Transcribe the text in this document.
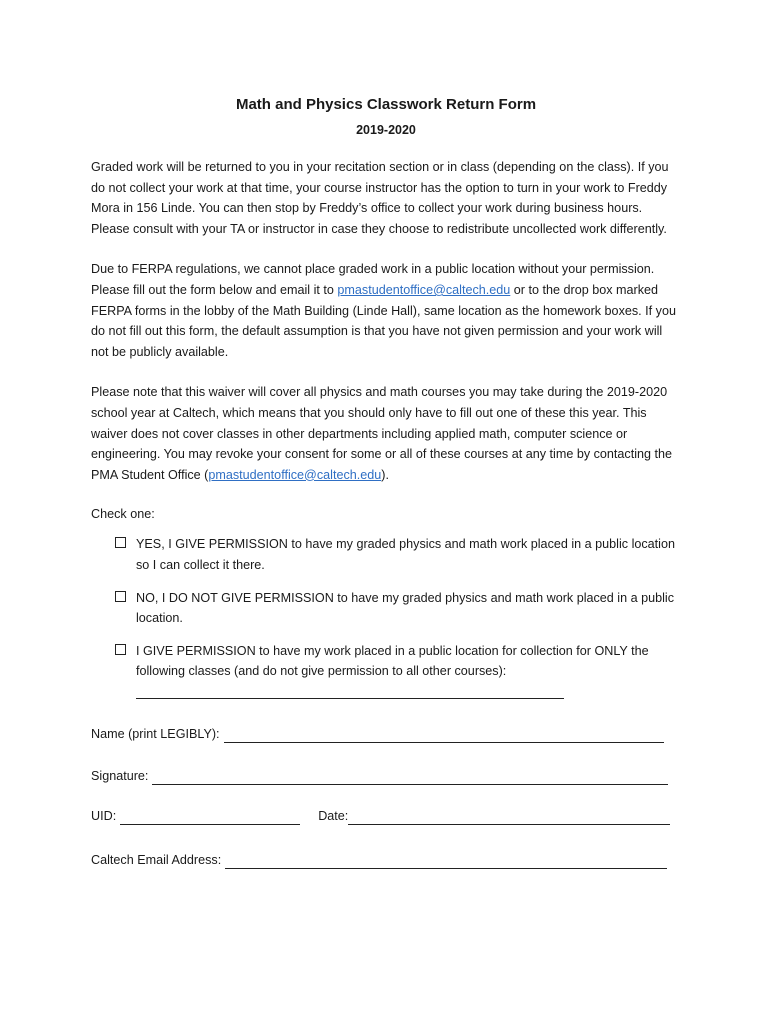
Math and Physics Classwork Return Form

2019-2020

Graded work will be returned to you in your recitation section or in class (depending on the class). If you do not collect your work at that time, your course instructor has the option to turn in your work to Freddy Mora in 156 Linde. You can then stop by Freddy’s office to collect your work during business hours. Please consult with your TA or instructor in case they choose to redistribute uncollected work differently.

Due to FERPA regulations, we cannot place graded work in a public location without your permission. Please fill out the form below and email it to pmastudentoffice@caltech.edu or to the drop box marked FERPA forms in the lobby of the Math Building (Linde Hall), same location as the homework boxes. If you do not fill out this form, the default assumption is that you have not given permission and your work will not be publicly available.

Please note that this waiver will cover all physics and math courses you may take during the 2019-2020 school year at Caltech, which means that you should only have to fill out one of these this year. This waiver does not cover classes in other departments including applied math, computer science or engineering. You may revoke your consent for some or all of these courses at any time by contacting the PMA Student Office (pmastudentoffice@caltech.edu).

Check one:

YES, I GIVE PERMISSION to have my graded physics and math work placed in a public location so I can collect it there.
NO, I DO NOT GIVE PERMISSION to have my graded physics and math work placed in a public location.
I GIVE PERMISSION to have my work placed in a public location for collection for ONLY the following classes (and do not give permission to all other courses):
Name (print LEGIBLY):
Signature:
UID:	Date:
Caltech Email Address:
